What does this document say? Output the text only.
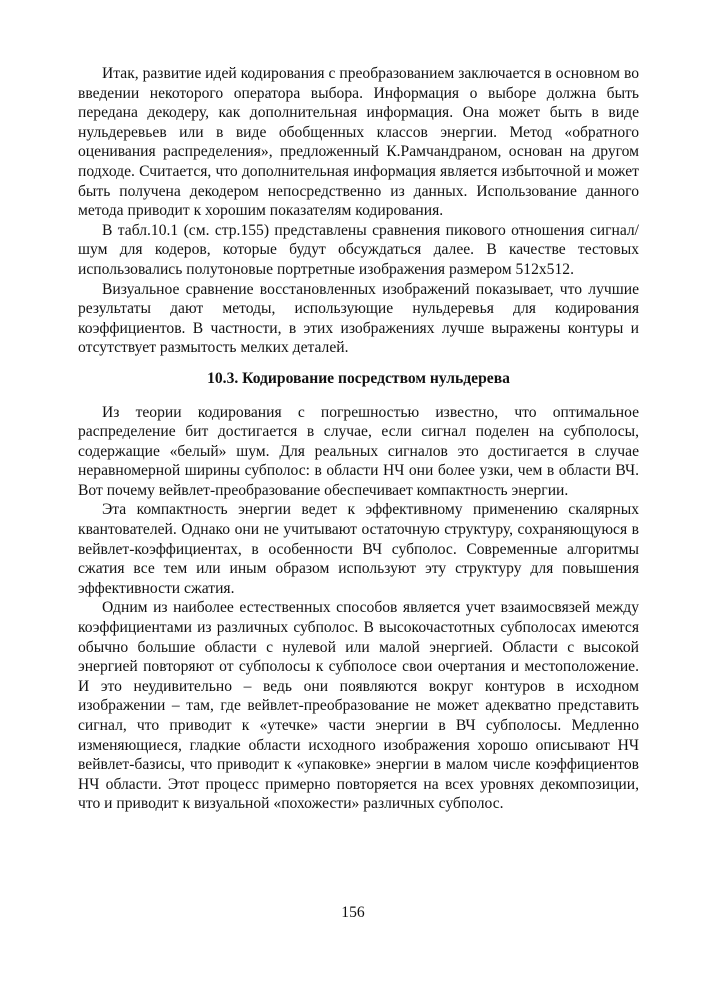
Итак, развитие идей кодирования с преобразованием заключается в основном во введении некоторого оператора выбора. Информация о выборе должна быть передана декодеру, как дополнительная информация. Она может быть в виде нульдеревьев или в виде обобщенных классов энергии. Метод «обратного оценивания распределения», предложенный К.Рамчандраном, основан на другом подходе. Считается, что дополнительная информация является избыточной и может быть получена декодером непосредственно из данных. Использование данного метода приводит к хорошим показателям кодирования.

В табл.10.1 (см. стр.155) представлены сравнения пикового отношения сигнал/шум для кодеров, которые будут обсуждаться далее. В качестве тестовых использовались полутоновые портретные изображения размером 512x512.

Визуальное сравнение восстановленных изображений показывает, что лучшие результаты дают методы, использующие нульдеревья для кодирования коэффициентов. В частности, в этих изображениях лучше выражены контуры и отсутствует размытость мелких деталей.

10.3. Кодирование посредством нульдерева

Из теории кодирования с погрешностью известно, что оптимальное распределение бит достигается в случае, если сигнал поделен на субполосы, содержащие «белый» шум. Для реальных сигналов это достигается в случае неравномерной ширины субполос: в области НЧ они более узки, чем в области ВЧ. Вот почему вейвлет-преобразование обеспечивает компактность энергии.

Эта компактность энергии ведет к эффективному применению скалярных квантователей. Однако они не учитывают остаточную структуру, сохраняющуюся в вейвлет-коэффициентах, в особенности ВЧ субполос. Современные алгоритмы сжатия все тем или иным образом используют эту структуру для повышения эффективности сжатия.

Одним из наиболее естественных способов является учет взаимосвязей между коэффициентами из различных субполос. В высокочастотных субполосах имеются обычно большие области с нулевой или малой энергией. Области с высокой энергией повторяют от субполосы к субполосе свои очертания и местоположение. И это неудивительно – ведь они появляются вокруг контуров в исходном изображении – там, где вейвлет-преобразование не может адекватно представить сигнал, что приводит к «утечке» части энергии в ВЧ субполосы. Медленно изменяющиеся, гладкие области исходного изображения хорошо описывают НЧ вейвлет-базисы, что приводит к «упаковке» энергии в малом числе коэффициентов НЧ области. Этот процесс примерно повторяется на всех уровнях декомпозиции, что и приводит к визуальной «похожести» различных субполос.

156
